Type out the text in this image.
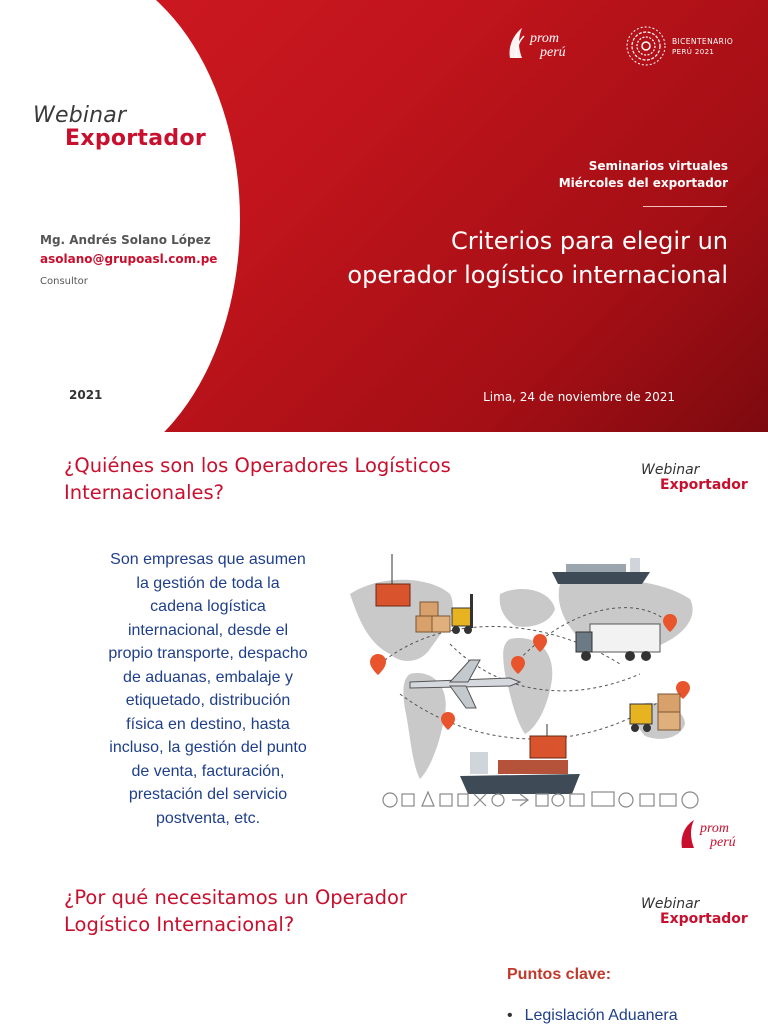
Webinar
Exportador
Mg. Andrés Solano López
asolano@grupoasl.com.pe
Consultor
2021
prom
perú
BICENTENARIO
PERÚ 2021
Seminarios virtuales
Miércoles del exportador
Criterios para elegir un
operador logístico internacional
Lima, 24 de noviembre de 2021
¿Quiénes son los Operadores Logísticos Internacionales?
Webinar
Exportador
Son empresas que asumen
la gestión de toda la
cadena logística
internacional, desde el
propio transporte, despacho
de aduanas, embalaje y
etiquetado, distribución
física en destino, hasta
incluso, la gestión del punto
de venta, facturación,
prestación del servicio
postventa, etc.
prom
perú
¿Por qué necesitamos un Operador Logístico Internacional?
Webinar
Exportador
Puntos clave:
• Legislación Aduanera
